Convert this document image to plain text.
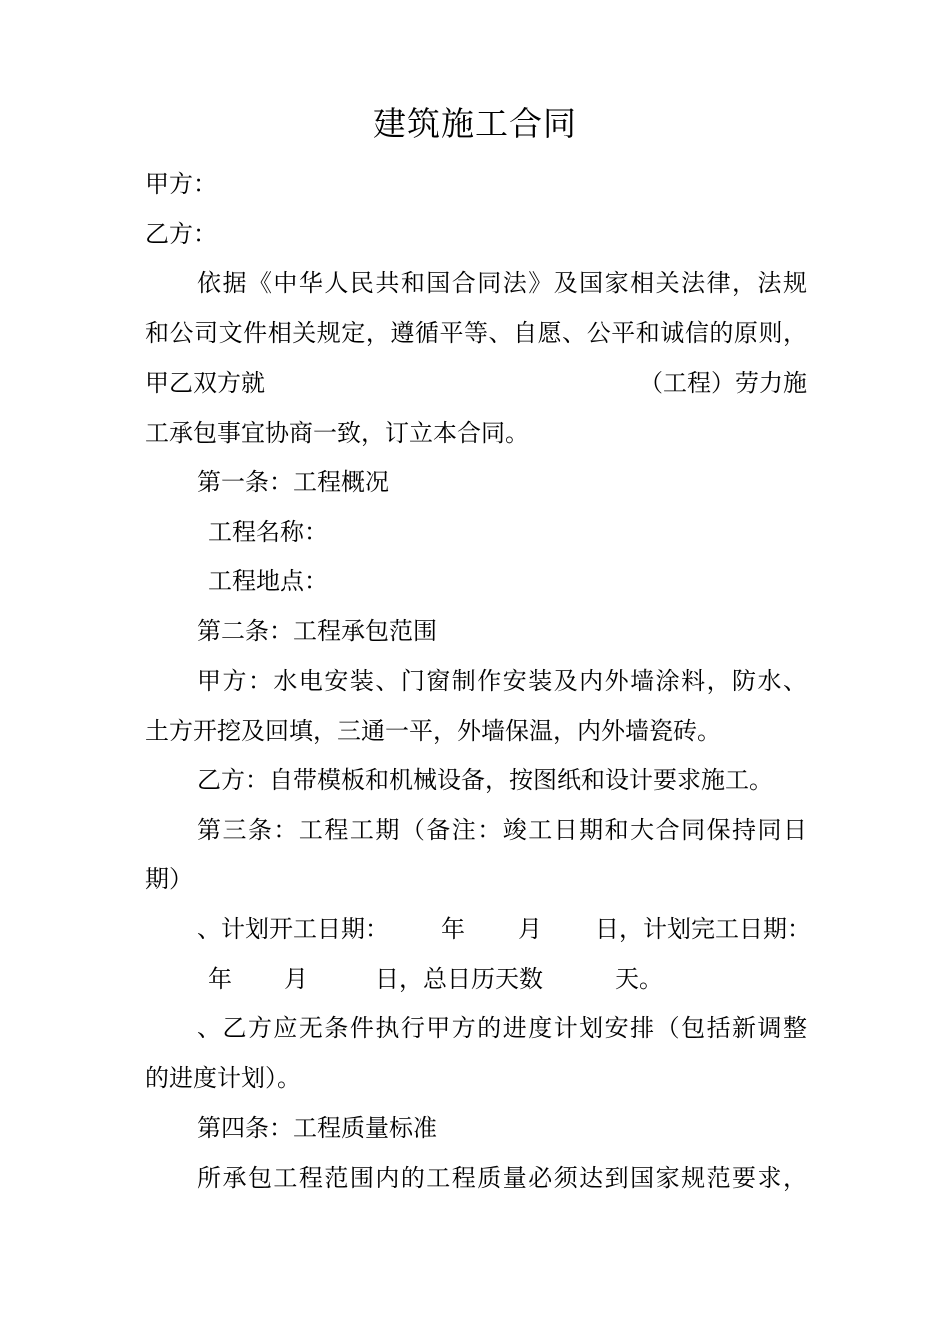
建筑施工合同
甲方：
乙方：
依据《中华人民共和国合同法》及国家相关法律，法规
和公司文件相关规定，遵循平等、自愿、公平和诚信的原则，
甲乙双方就	（工程）劳力施
工承包事宜协商一致，订立本合同。
第一条：工程概况
工程名称：
工程地点：
第二条：工程承包范围
甲方：水电安装、门窗制作安装及内外墙涂料，防水、
土方开挖及回填，三通一平，外墙保温，内外墙瓷砖。
乙方：自带模板和机械设备，按图纸和设计要求施工。
第三条：工程工期（备注：竣工日期和大合同保持同日
期）
、计划开工日期： 年 月 日，计划完工日期：
年 月	日，总日历天数	天。
、乙方应无条件执行甲方的进度计划安排（包括新调整
的进度计划）。
第四条：工程质量标准
所承包工程范围内的工程质量必须达到国家规范要求，
